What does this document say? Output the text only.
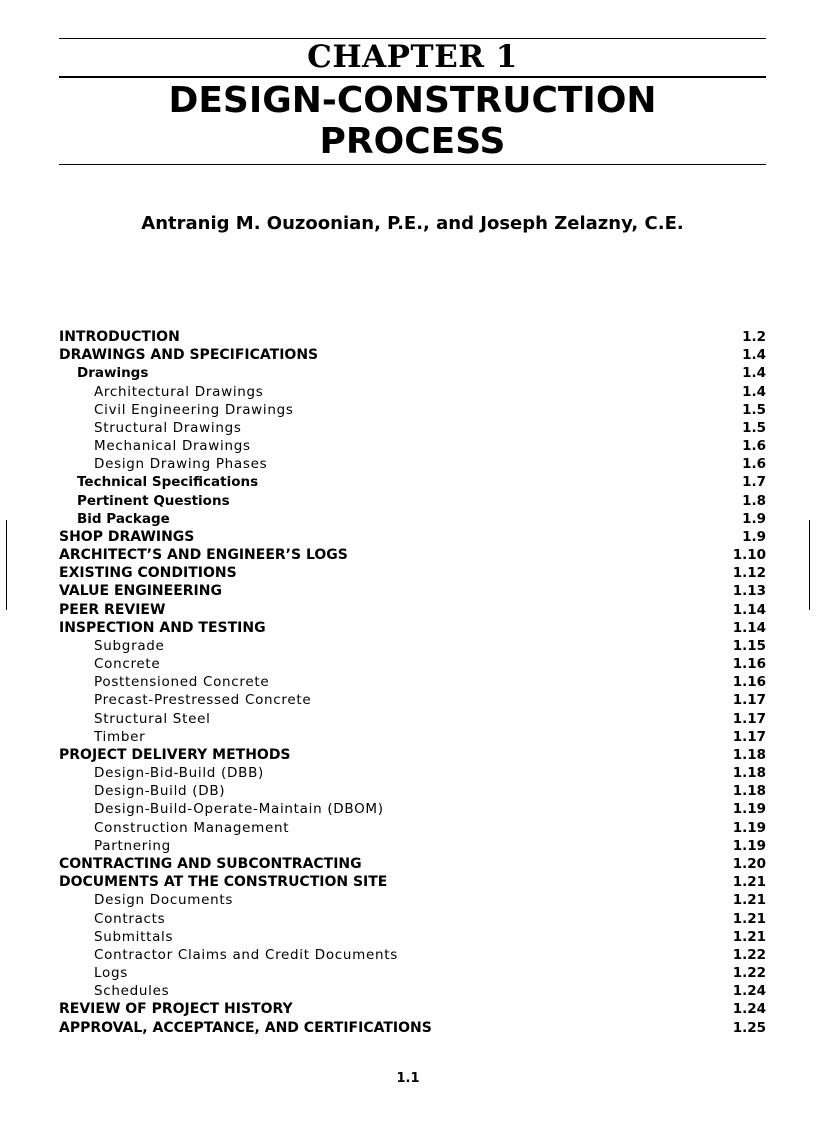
CHAPTER 1
DESIGN-CONSTRUCTION
PROCESS
Antranig M. Ouzoonian, P.E., and Joseph Zelazny, C.E.
INTRODUCTION	1.2
DRAWINGS AND SPECIFICATIONS	1.4
Drawings	1.4
Architectural Drawings	1.4
Civil Engineering Drawings	1.5
Structural Drawings	1.5
Mechanical Drawings	1.6
Design Drawing Phases	1.6
Technical Specifications	1.7
Pertinent Questions	1.8
Bid Package	1.9
SHOP DRAWINGS	1.9
ARCHITECT’S AND ENGINEER’S LOGS	1.10
EXISTING CONDITIONS	1.12
VALUE ENGINEERING	1.13
PEER REVIEW	1.14
INSPECTION AND TESTING	1.14
Subgrade	1.15
Concrete	1.16
Posttensioned Concrete	1.16
Precast-Prestressed Concrete	1.17
Structural Steel	1.17
Timber	1.17
PROJECT DELIVERY METHODS	1.18
Design-Bid-Build (DBB)	1.18
Design-Build (DB)	1.18
Design-Build-Operate-Maintain (DBOM)	1.19
Construction Management	1.19
Partnering	1.19
CONTRACTING AND SUBCONTRACTING	1.20
DOCUMENTS AT THE CONSTRUCTION SITE	1.21
Design Documents	1.21
Contracts	1.21
Submittals	1.21
Contractor Claims and Credit Documents	1.22
Logs	1.22
Schedules	1.24
REVIEW OF PROJECT HISTORY	1.24
APPROVAL, ACCEPTANCE, AND CERTIFICATIONS	1.25
1.1
